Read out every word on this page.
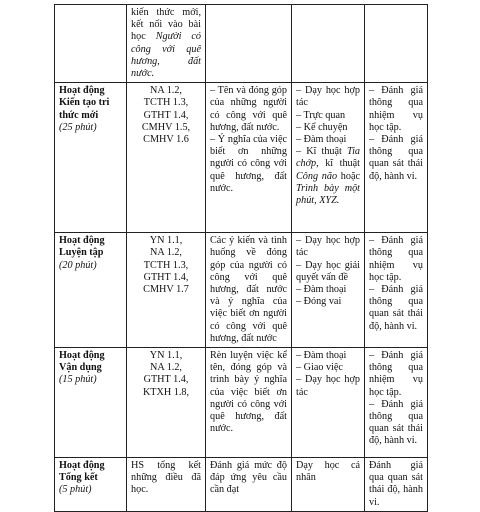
	kiến thức mới, kết nối vào bài học Người có công với quê hương, đất nước.			

Hoạt động
Kiến tạo tri thức mới
(25 phút)	NA 1.2,
TCTH 1.3,
GTHT 1.4,
CMHV 1.5,
CMHV 1.6	– Tên và đóng góp của những người có công với quê hương, đất nước.
– Ý nghĩa của việc biết ơn những người có công với quê hương, đất nước.	– Dạy học hợp tác
– Trực quan
– Kể chuyện
– Đàm thoại
– Kĩ thuật Tia chớp, kĩ thuật Công não hoặc Trình bày một phút, XYZ.	– Đánh giá thông qua nhiệm vụ học tập.
– Đánh giá thông qua quan sát thái độ, hành vi.

Hoạt động
Luyện tập
(20 phút)	YN 1.1,
NA 1.2,
TCTH 1.3,
GTHT 1.4,
CMHV 1.7	Các ý kiến và tình huống về đóng góp của người có công với quê hương, đất nước và ý nghĩa của việc biết ơn người có công với quê hương, đất nước	– Dạy học hợp tác
– Dạy học giải quyết vấn đề
– Đàm thoại
– Đóng vai	– Đánh giá thông qua nhiệm vụ học tập.
– Đánh giá thông qua quan sát thái độ, hành vi.

Hoạt động
Vận dụng
(15 phút)	YN 1.1,
NA 1.2,
GTHT 1.4,
KTXH 1.8,	Rèn luyện việc kể tên, đóng góp và trình bày ý nghĩa của việc biết ơn người có công với quê hương, đất nước.	– Đàm thoại
– Giao việc
– Dạy học hợp tác	– Đánh giá thông qua nhiệm vụ học tập.
– Đánh giá thông qua quan sát thái độ, hành vi.

Hoạt động
Tổng kết
(5 phút)	HS tổng kết những điều đã học.	Đánh giá mức độ đáp ứng yêu cầu cần đạt	Dạy học cá nhân	Đánh giá qua quan sát thái độ, hành vi.
